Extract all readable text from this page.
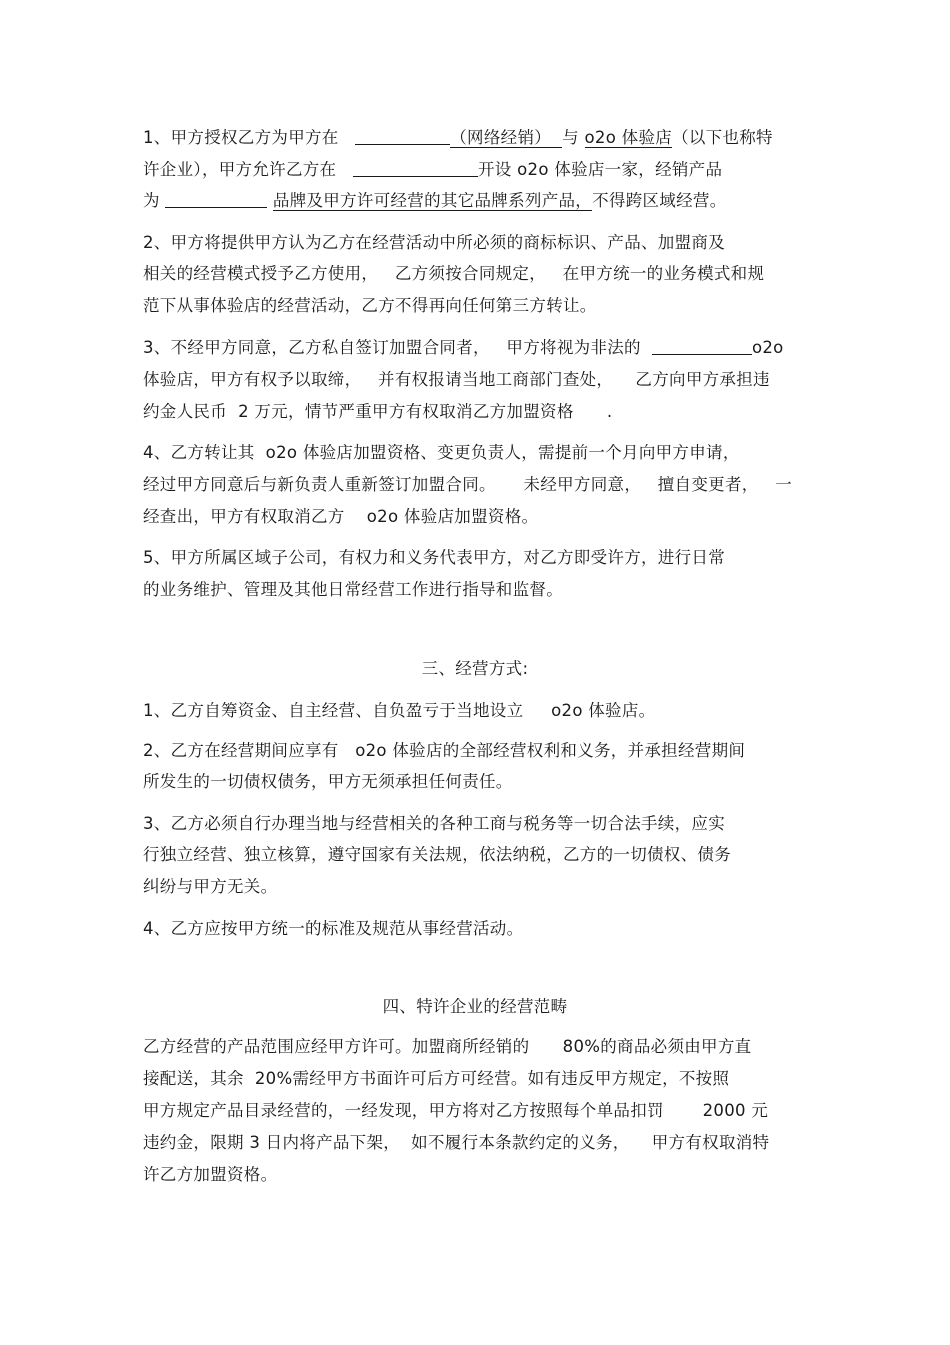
1、甲方授权乙方为甲方在	（网络经销） 与 o2o 体验店（以下也称特
许企业），甲方允许乙方在	开设 o2o 体验店一家，经销产品
为	品牌及甲方许可经营的其它品牌系列产品，不得跨区域经营。
2、甲方将提供甲方认为乙方在经营活动中所必须的商标标识、产品、加盟商及
相关的经营模式授予乙方使用，   乙方须按合同规定，   在甲方统一的业务模式和规
范下从事体验店的经营活动，乙方不得再向任何第三方转让。
3、不经甲方同意，乙方私自签订加盟合同者，   甲方将视为非法的	o2o
体验店，甲方有权予以取缔，   并有权报请当地工商部门查处，    乙方向甲方承担违
约金人民币  2 万元，情节严重甲方有权取消乙方加盟资格      .
4、乙方转让其  o2o 体验店加盟资格、变更负责人，需提前一个月向甲方申请，
经过甲方同意后与新负责人重新签订加盟合同。     未经甲方同意，   擅自变更者，   一
经查出，甲方有权取消乙方    o2o 体验店加盟资格。
5、甲方所属区域子公司，有权力和义务代表甲方，对乙方即受许方，进行日常
的业务维护、管理及其他日常经营工作进行指导和监督。
三、经营方式:
1、乙方自筹资金、自主经营、自负盈亏于当地设立     o2o 体验店。
2、乙方在经营期间应享有   o2o 体验店的全部经营权利和义务，并承担经营期间
所发生的一切债权债务，甲方无须承担任何责任。
3、乙方必须自行办理当地与经营相关的各种工商与税务等一切合法手续，应实
行独立经营、独立核算，遵守国家有关法规，依法纳税，乙方的一切债权、债务
纠纷与甲方无关。
4、乙方应按甲方统一的标准及规范从事经营活动。
四、特许企业的经营范畴
乙方经营的产品范围应经甲方许可。加盟商所经销的      80%的商品必须由甲方直
接配送，其余  20%需经甲方书面许可后方可经营。如有违反甲方规定，不按照
甲方规定产品目录经营的，一经发现，甲方将对乙方按照每个单品扣罚       2000 元
违约金，限期 3 日内将产品下架，  如不履行本条款约定的义务，    甲方有权取消特
许乙方加盟资格。
